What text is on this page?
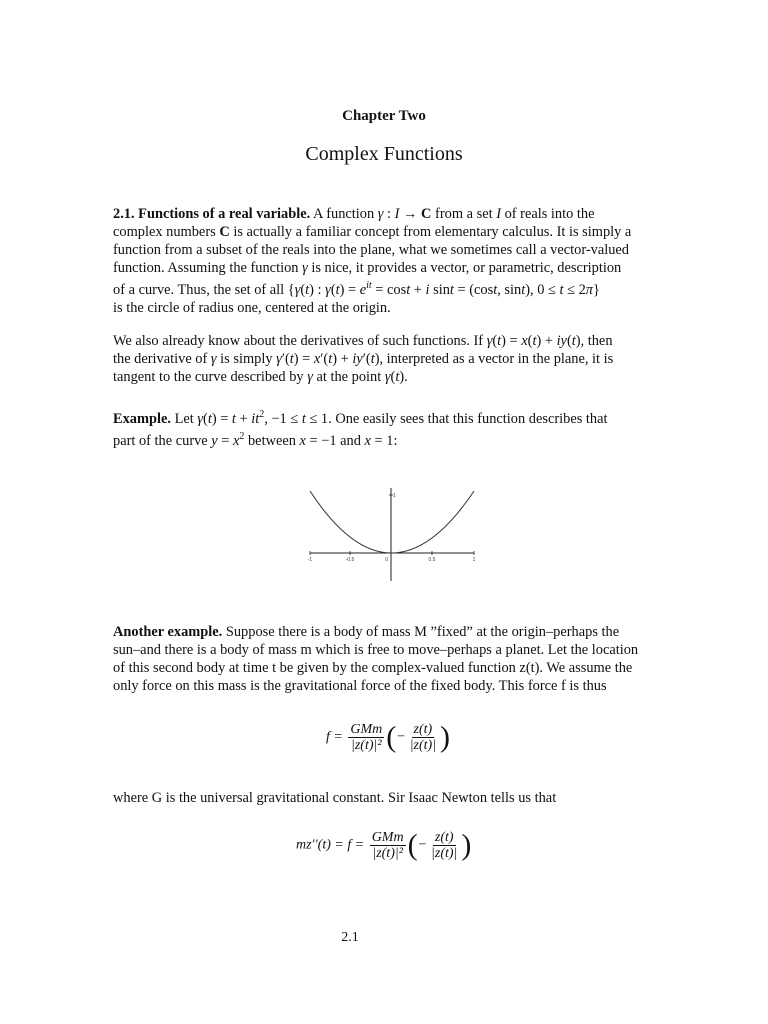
Chapter Two
Complex Functions
2.1. Functions of a real variable. A function γ : I → C from a set I of reals into the
complex numbers C is actually a familiar concept from elementary calculus. It is simply a
function from a subset of the reals into the plane, what we sometimes call a vector-valued
function. Assuming the function γ is nice, it provides a vector, or parametric, description
of a curve. Thus, the set of all {γ(t) : $\gamma(t) = e^{it} = \cos t + i$ sint = (cost, sint), 0 ≤ t ≤ 2π}
is the circle of radius one, centered at the origin.
We also already know about the derivatives of such functions. If γ(t) = x(t) + iy(t), then
the derivative of γ is simply γ′(t) = x′(t) + iy′(t), interpreted as a vector in the plane, it is
tangent to the curve described by γ at the point γ(t).
Example. Let $\gamma(t) = t + it^2$, −1 ≤ t ≤ 1. One easily sees that this function describes that
part of the curve $y = x^2$ between x = −1 and x = 1:
-1	-0.5	0	0.5	1
1
Another example. Suppose there is a body of mass M ”fixed” at the origin–perhaps the
sun–and there is a body of mass m which is free to move–perhaps a planet. Let the location
of this second body at time t be given by the complex-valued function z(t). We assume the
only force on this mass is the gravitational force of the fixed body. This force f is thus
$f = \frac{\text{GMm}}{\text{|z(t)|²}}$ (− $\frac{z(t)}{|z(t)|}$ )
where G is the universal gravitational constant. Sir Isaac Newton tells us that
$mz''(t) = f = \frac{\text{GMm}}{\text{|z(t)|²}}$ (− $\frac{z(t)}{|z(t)|}$ )
2.1
